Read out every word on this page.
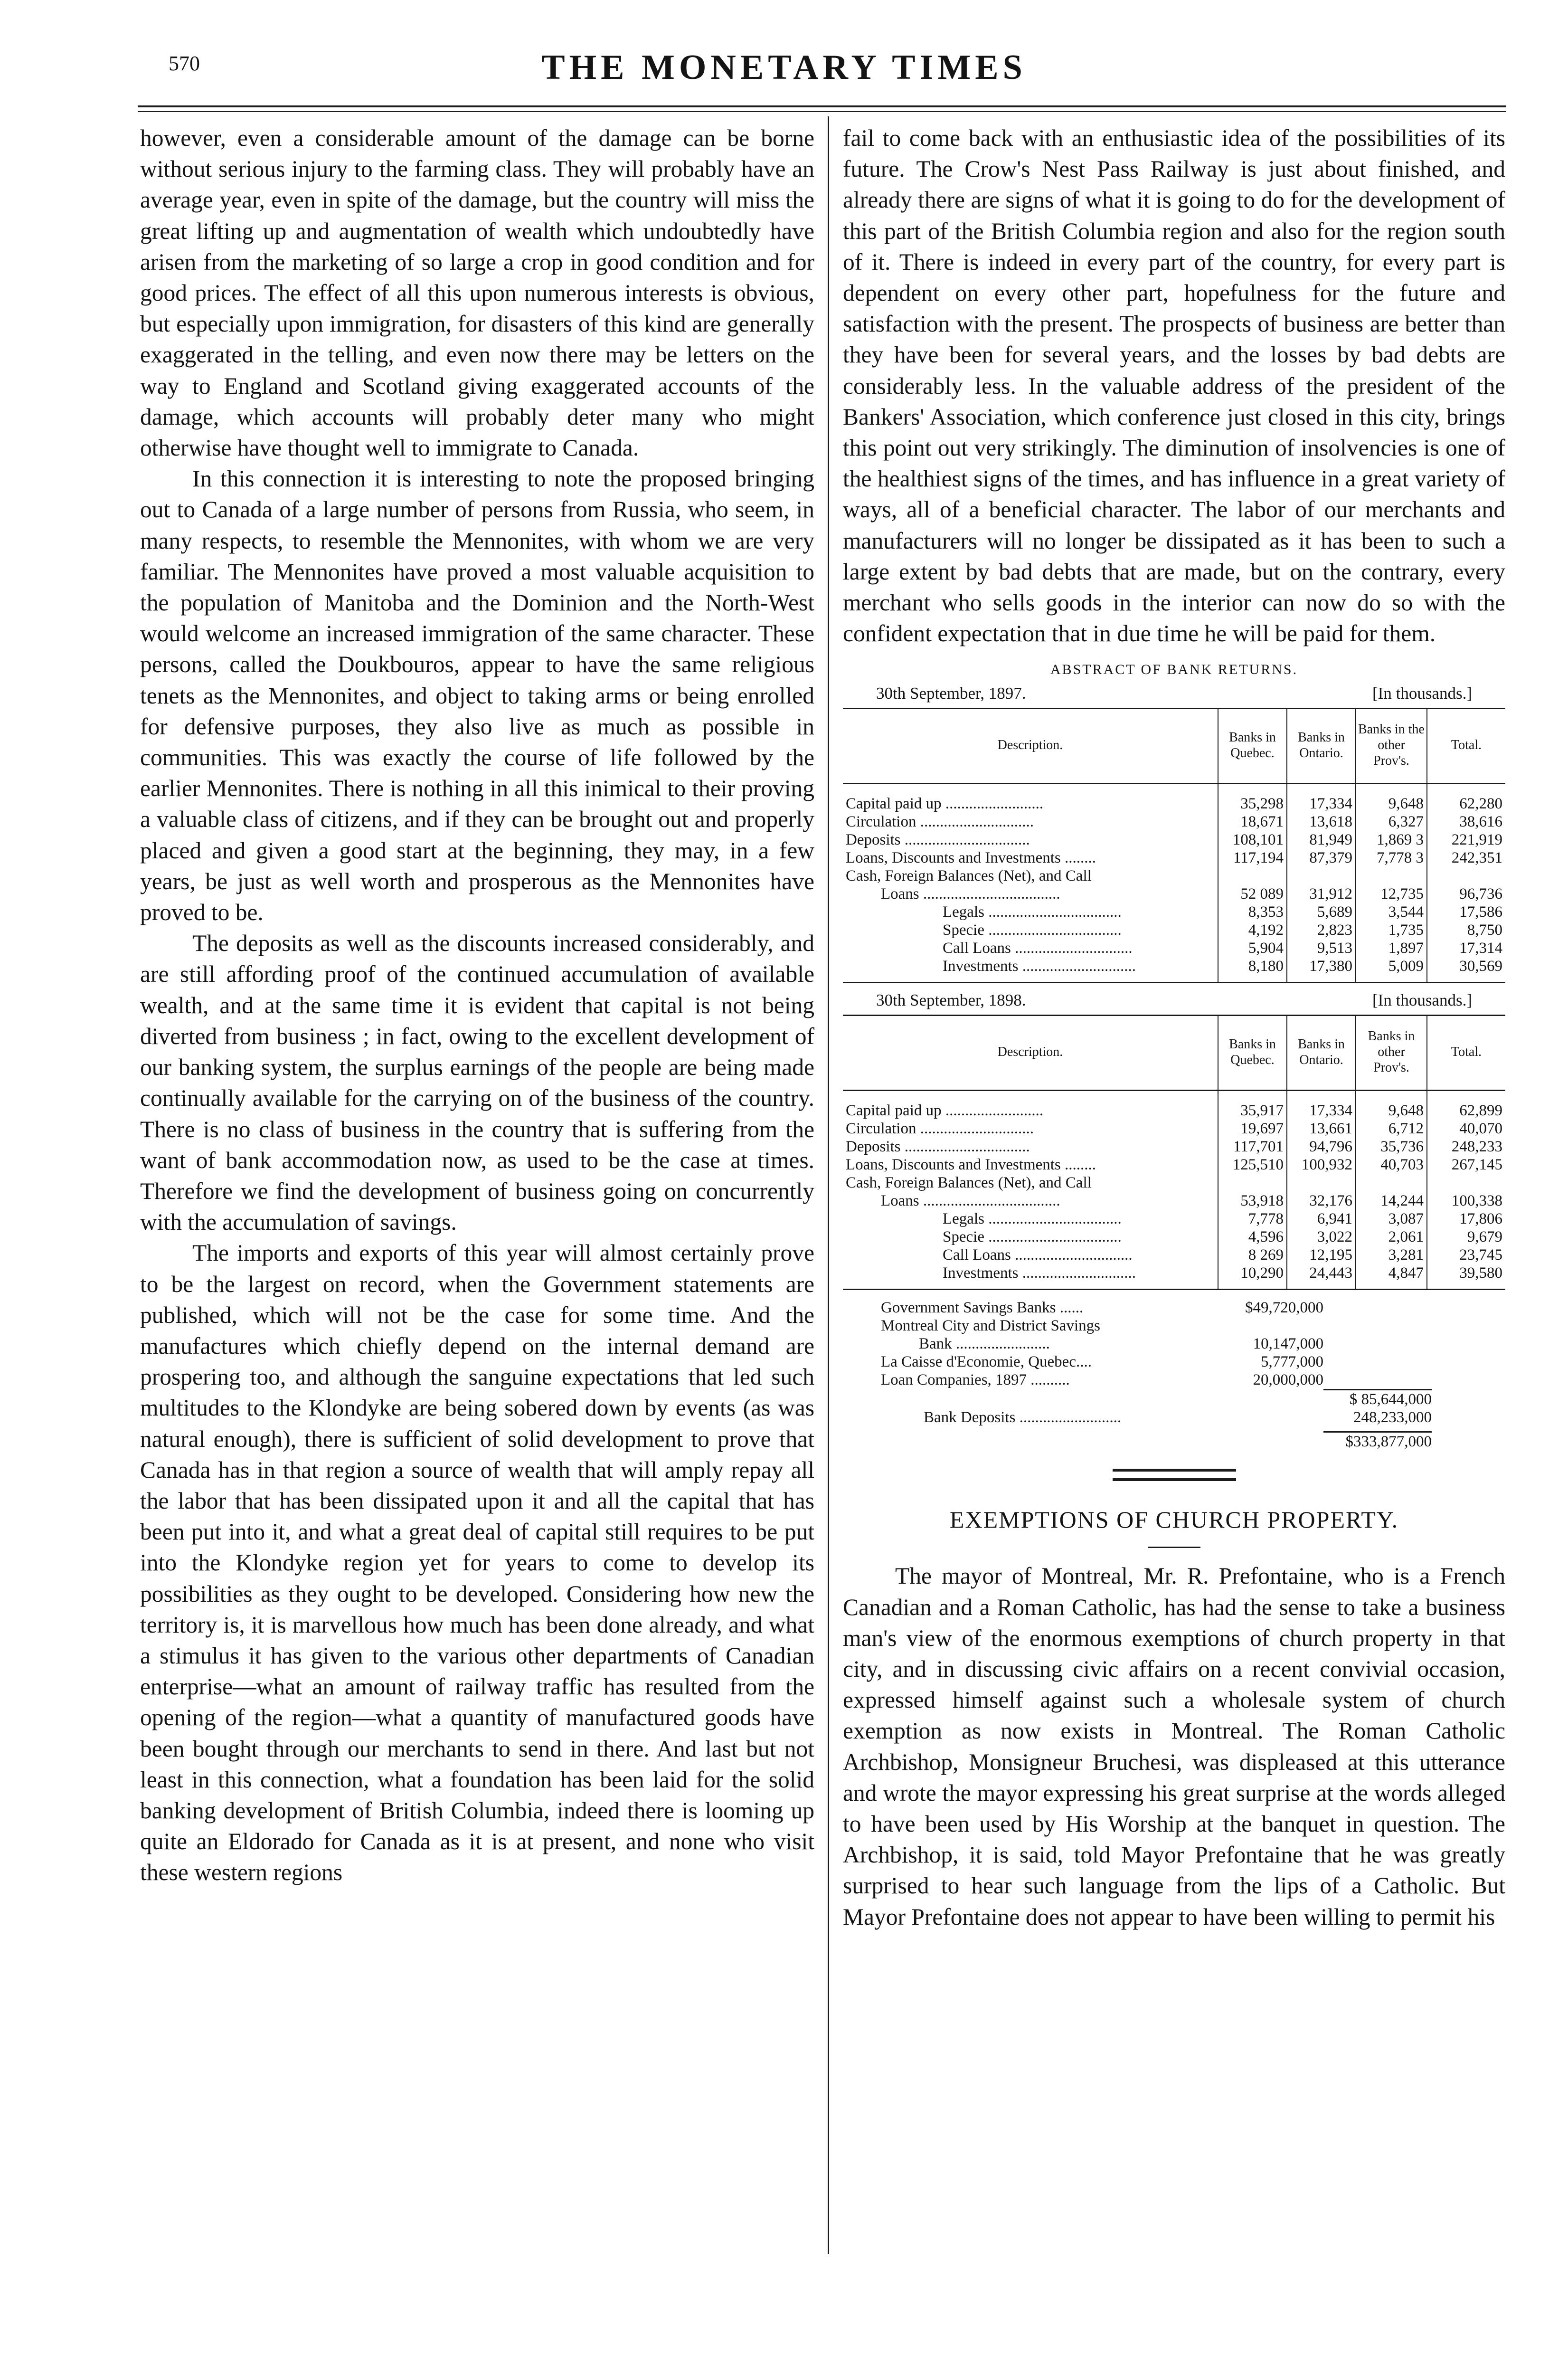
570	THE MONETARY TIMES

however, even a considerable amount of the damage can be borne without serious injury to the farming class. They will probably have an average year, even in spite of the damage, but the country will miss the great lifting up and augmentation of wealth which undoubtedly have arisen from the marketing of so large a crop in good condition and for good prices. The effect of all this upon numerous interests is obvious, but especially upon immigration, for disasters of this kind are generally exaggerated in the telling, and even now there may be letters on the way to England and Scotland giving exaggerated accounts of the damage, which accounts will probably deter many who might otherwise have thought well to immigrate to Canada.

In this connection it is interesting to note the proposed bringing out to Canada of a large number of persons from Russia, who seem, in many respects, to resemble the Mennonites, with whom we are very familiar. The Mennonites have proved a most valuable acquisition to the population of Manitoba and the Dominion and the North-West would welcome an increased immigration of the same character. These persons, called the Doukbouros, appear to have the same religious tenets as the Mennonites, and object to taking arms or being enrolled for defensive purposes, they also live as much as possible in communities. This was exactly the course of life followed by the earlier Mennonites. There is nothing in all this inimical to their proving a valuable class of citizens, and if they can be brought out and properly placed and given a good start at the beginning, they may, in a few years, be just as well worth and prosperous as the Mennonites have proved to be.

The deposits as well as the discounts increased considerably, and are still affording proof of the continued accumulation of available wealth, and at the same time it is evident that capital is not being diverted from business ; in fact, owing to the excellent development of our banking system, the surplus earnings of the people are being made continually available for the carrying on of the business of the country. There is no class of business in the country that is suffering from the want of bank accommodation now, as used to be the case at times. Therefore we find the development of business going on concurrently with the accumulation of savings.

The imports and exports of this year will almost certainly prove to be the largest on record, when the Government statements are published, which will not be the case for some time. And the manufactures which chiefly depend on the internal demand are prospering too, and although the sanguine expectations that led such multitudes to the Klondyke are being sobered down by events (as was natural enough), there is sufficient of solid development to prove that Canada has in that region a source of wealth that will amply repay all the labor that has been dissipated upon it and all the capital that has been put into it, and what a great deal of capital still requires to be put into the Klondyke region yet for years to come to develop its possibilities as they ought to be developed. Considering how new the territory is, it is marvellous how much has been done already, and what a stimulus it has given to the various other departments of Canadian enterprise—what an amount of railway traffic has resulted from the opening of the region—what a quantity of manufactured goods have been bought through our merchants to send in there. And last but not least in this connection, what a foundation has been laid for the solid banking development of British Columbia, indeed there is looming up quite an Eldorado for Canada as it is at present, and none who visit these western regions

fail to come back with an enthusiastic idea of the possibilities of its future. The Crow's Nest Pass Railway is just about finished, and already there are signs of what it is going to do for the development of this part of the British Columbia region and also for the region south of it. There is indeed in every part of the country, for every part is dependent on every other part, hopefulness for the future and satisfaction with the present. The prospects of business are better than they have been for several years, and the losses by bad debts are considerably less. In the valuable address of the president of the Bankers' Association, which conference just closed in this city, brings this point out very strikingly. The diminution of insolvencies is one of the healthiest signs of the times, and has influence in a great variety of ways, all of a beneficial character. The labor of our merchants and manufacturers will no longer be dissipated as it has been to such a large extent by bad debts that are made, but on the contrary, every merchant who sells goods in the interior can now do so with the confident expectation that in due time he will be paid for them.

ABSTRACT OF BANK RETURNS.
30th September, 1897.	[In thousands.]
Description.	Banks in Quebec.	Banks in Ontario.	Banks in the other Prov's.	Total.
Capital paid up .........................	35,298	17,334	9,648	62,280
Circulation .............................	18,671	13,618	6,327	38,616
Deposits ................................	108,101	81,949	1,869 3	221,919
Loans, Discounts and Investments ........	117,194	87,379	7,778 3	242,351
Cash, Foreign Balances (Net), and Call				
Loans ...................................	52 089	31,912	12,735	96,736
Legals ..................................	8,353	5,689	3,544	17,586
Specie ..................................	4,192	2,823	1,735	8,750
Call Loans ..............................	5,904	9,513	1,897	17,314
Investments .............................	8,180	17,380	5,009	30,569
30th September, 1898.	[In thousands.]
Description.	Banks in Quebec.	Banks in Ontario.	Banks in other Prov's.	Total.
Capital paid up .........................	35,917	17,334	9,648	62,899
Circulation .............................	19,697	13,661	6,712	40,070
Deposits ................................	117,701	94,796	35,736	248,233
Loans, Discounts and Investments ........	125,510	100,932	40,703	267,145
Cash, Foreign Balances (Net), and Call				
Loans ...................................	53,918	32,176	14,244	100,338
Legals ..................................	7,778	6,941	3,087	17,806
Specie ..................................	4,596	3,022	2,061	9,679
Call Loans ..............................	8 269	12,195	3,281	23,745
Investments .............................	10,290	24,443	4,847	39,580
Government Savings Banks ......	$49,720,000
Montreal City and District Savings
Bank ........................	10,147,000
La Caisse d'Economie, Quebec....	5,777,000
Loan Companies, 1897 ..........	20,000,000
$ 85,644,000
Bank Deposits ..........................	248,233,000
$333,877,000
EXEMPTIONS OF CHURCH PROPERTY.

The mayor of Montreal, Mr. R. Prefontaine, who is a French Canadian and a Roman Catholic, has had the sense to take a business man's view of the enormous exemptions of church property in that city, and in discussing civic affairs on a recent convivial occasion, expressed himself against such a wholesale system of church exemption as now exists in Montreal. The Roman Catholic Archbishop, Monsigneur Bruchesi, was displeased at this utterance and wrote the mayor expressing his great surprise at the words alleged to have been used by His Worship at the banquet in question. The Archbishop, it is said, told Mayor Prefontaine that he was greatly surprised to hear such language from the lips of a Catholic. But Mayor Prefontaine does not appear to have been willing to permit his
